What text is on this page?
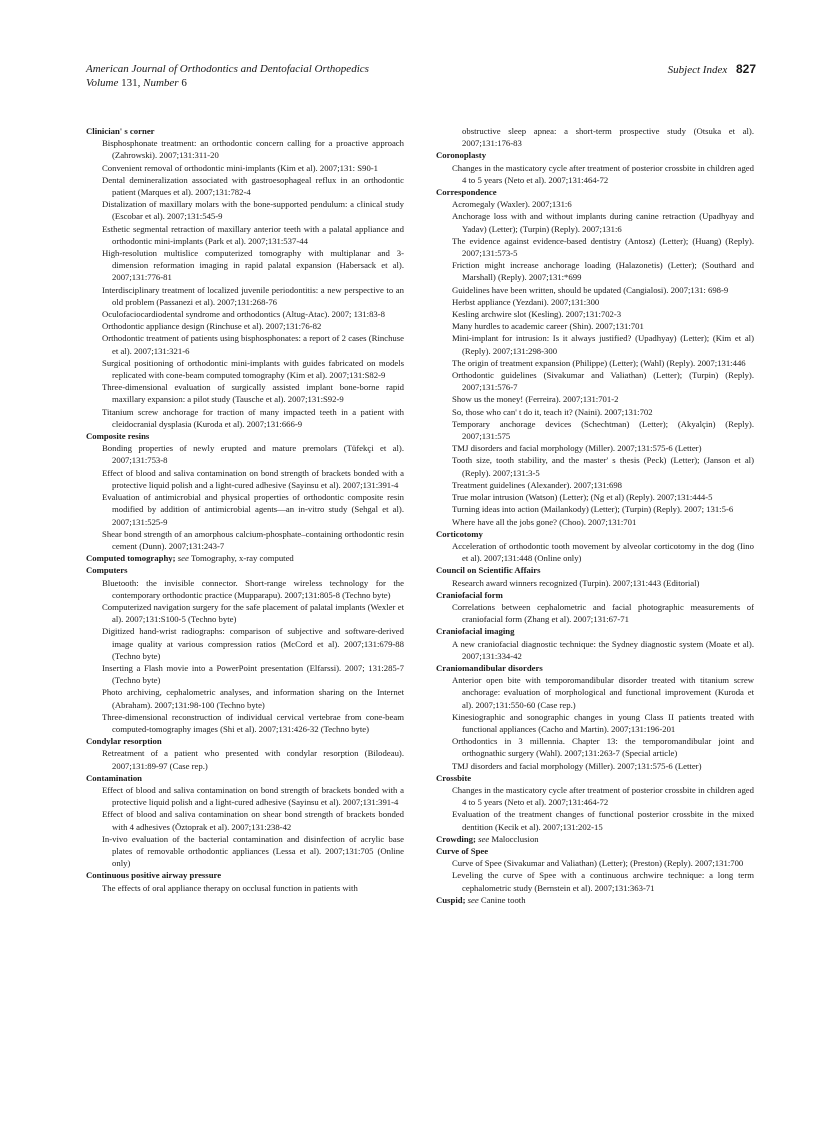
American Journal of Orthodontics and Dentofacial Orthopedics
Volume 131, Number 6
Subject Index 827

Clinician' s corner

Bisphosphonate treatment: an orthodontic concern calling for a proactive approach (Zahrowski). 2007;131:311-20

Convenient removal of orthodontic mini-implants (Kim et al). 2007;131: S90-1

Dental demineralization associated with gastroesophageal reflux in an orthodontic patient (Marques et al). 2007;131:782-4

Distalization of maxillary molars with the bone-supported pendulum: a clinical study (Escobar et al). 2007;131:545-9

Esthetic segmental retraction of maxillary anterior teeth with a palatal appliance and orthodontic mini-implants (Park et al). 2007;131:537-44

High-resolution multislice computerized tomography with multiplanar and 3-dimension reformation imaging in rapid palatal expansion (Habersack et al). 2007;131:776-81

Interdisciplinary treatment of localized juvenile periodontitis: a new perspective to an old problem (Passanezi et al). 2007;131:268-76

Oculofaciocardiodental syndrome and orthodontics (Altug-Atac). 2007; 131:83-8

Orthodontic appliance design (Rinchuse et al). 2007;131:76-82

Orthodontic treatment of patients using bisphosphonates: a report of 2 cases (Rinchuse et al). 2007;131:321-6

Surgical positioning of orthodontic mini-implants with guides fabricated on models replicated with cone-beam computed tomography (Kim et al). 2007;131:S82-9

Three-dimensional evaluation of surgically assisted implant bone-borne rapid maxillary expansion: a pilot study (Tausche et al). 2007;131:S92-9

Titanium screw anchorage for traction of many impacted teeth in a patient with cleidocranial dysplasia (Kuroda et al). 2007;131:666-9

Composite resins

Bonding properties of newly erupted and mature premolars (Tüfekçi et al). 2007;131:753-8

Effect of blood and saliva contamination on bond strength of brackets bonded with a protective liquid polish and a light-cured adhesive (Sayinsu et al). 2007;131:391-4

Evaluation of antimicrobial and physical properties of orthodontic composite resin modified by addition of antimicrobial agents—an in-vitro study (Sehgal et al). 2007;131:525-9

Shear bond strength of an amorphous calcium-phosphate–containing orthodontic resin cement (Dunn). 2007;131:243-7

Computed tomography; see Tomography, x-ray computed

Computers

Bluetooth: the invisible connector. Short-range wireless technology for the contemporary orthodontic practice (Mupparapu). 2007;131:805-8 (Techno byte)

Computerized navigation surgery for the safe placement of palatal implants (Wexler et al). 2007;131:S100-5 (Techno byte)

Digitized hand-wrist radiographs: comparison of subjective and software-derived image quality at various compression ratios (McCord et al). 2007;131:679-88 (Techno byte)

Inserting a Flash movie into a PowerPoint presentation (Elfarssi). 2007; 131:285-7 (Techno byte)

Photo archiving, cephalometric analyses, and information sharing on the Internet (Abraham). 2007;131:98-100 (Techno byte)

Three-dimensional reconstruction of individual cervical vertebrae from cone-beam computed-tomography images (Shi et al). 2007;131:426-32 (Techno byte)

Condylar resorption

Retreatment of a patient who presented with condylar resorption (Bilodeau). 2007;131:89-97 (Case rep.)

Contamination

Effect of blood and saliva contamination on bond strength of brackets bonded with a protective liquid polish and a light-cured adhesive (Sayinsu et al). 2007;131:391-4

Effect of blood and saliva contamination on shear bond strength of brackets bonded with 4 adhesives (Öztoprak et al). 2007;131:238-42

In-vivo evaluation of the bacterial contamination and disinfection of acrylic base plates of removable orthodontic appliances (Lessa et al). 2007;131:705 (Online only)

Continuous positive airway pressure

The effects of oral appliance therapy on occlusal function in patients with

obstructive sleep apnea: a short-term prospective study (Otsuka et al). 2007;131:176-83

Coronoplasty

Changes in the masticatory cycle after treatment of posterior crossbite in children aged 4 to 5 years (Neto et al). 2007;131:464-72

Correspondence

Acromegaly (Waxler). 2007;131:6

Anchorage loss with and without implants during canine retraction (Upadhyay and Yadav) (Letter); (Turpin) (Reply). 2007;131:6

The evidence against evidence-based dentistry (Antosz) (Letter); (Huang) (Reply). 2007;131:573-5

Friction might increase anchorage loading (Halazonetis) (Letter); (Southard and Marshall) (Reply). 2007;131:*699

Guidelines have been written, should be updated (Cangialosi). 2007;131: 698-9

Herbst appliance (Yezdani). 2007;131:300

Kesling archwire slot (Kesling). 2007;131:702-3

Many hurdles to academic career (Shin). 2007;131:701

Mini-implant for intrusion: Is it always justified? (Upadhyay) (Letter); (Kim et al) (Reply). 2007;131:298-300

The origin of treatment expansion (Philippe) (Letter); (Wahl) (Reply). 2007;131:446

Orthodontic guidelines (Sivakumar and Valiathan) (Letter); (Turpin) (Reply). 2007;131:576-7

Show us the money! (Ferreira). 2007;131:701-2

So, those who can' t do it, teach it? (Naini). 2007;131:702

Temporary anchorage devices (Schechtman) (Letter); (Akyalçin) (Reply). 2007;131:575

TMJ disorders and facial morphology (Miller). 2007;131:575-6 (Letter)

Tooth size, tooth stability, and the master' s thesis (Peck) (Letter); (Janson et al) (Reply). 2007;131:3-5

Treatment guidelines (Alexander). 2007;131:698

True molar intrusion (Watson) (Letter); (Ng et al) (Reply). 2007;131:444-5

Turning ideas into action (Mailankody) (Letter); (Turpin) (Reply). 2007; 131:5-6

Where have all the jobs gone? (Choo). 2007;131:701

Corticotomy

Acceleration of orthodontic tooth movement by alveolar corticotomy in the dog (Iino et al). 2007;131:448 (Online only)

Council on Scientific Affairs

Research award winners recognized (Turpin). 2007;131:443 (Editorial)

Craniofacial form

Correlations between cephalometric and facial photographic measurements of craniofacial form (Zhang et al). 2007;131:67-71

Craniofacial imaging

A new craniofacial diagnostic technique: the Sydney diagnostic system (Moate et al). 2007;131:334-42

Craniomandibular disorders

Anterior open bite with temporomandibular disorder treated with titanium screw anchorage: evaluation of morphological and functional improvement (Kuroda et al). 2007;131:550-60 (Case rep.)

Kinesiographic and sonographic changes in young Class II patients treated with functional appliances (Cacho and Martin). 2007;131:196-201

Orthodontics in 3 millennia. Chapter 13: the temporomandibular joint and orthognathic surgery (Wahl). 2007;131:263-7 (Special article)

TMJ disorders and facial morphology (Miller). 2007;131:575-6 (Letter)

Crossbite

Changes in the masticatory cycle after treatment of posterior crossbite in children aged 4 to 5 years (Neto et al). 2007;131:464-72

Evaluation of the treatment changes of functional posterior crossbite in the mixed dentition (Kecik et al). 2007;131:202-15

Crowding; see Malocclusion

Curve of Spee

Curve of Spee (Sivakumar and Valiathan) (Letter); (Preston) (Reply). 2007;131:700

Leveling the curve of Spee with a continuous archwire technique: a long term cephalometric study (Bernstein et al). 2007;131:363-71

Cuspid; see Canine tooth
